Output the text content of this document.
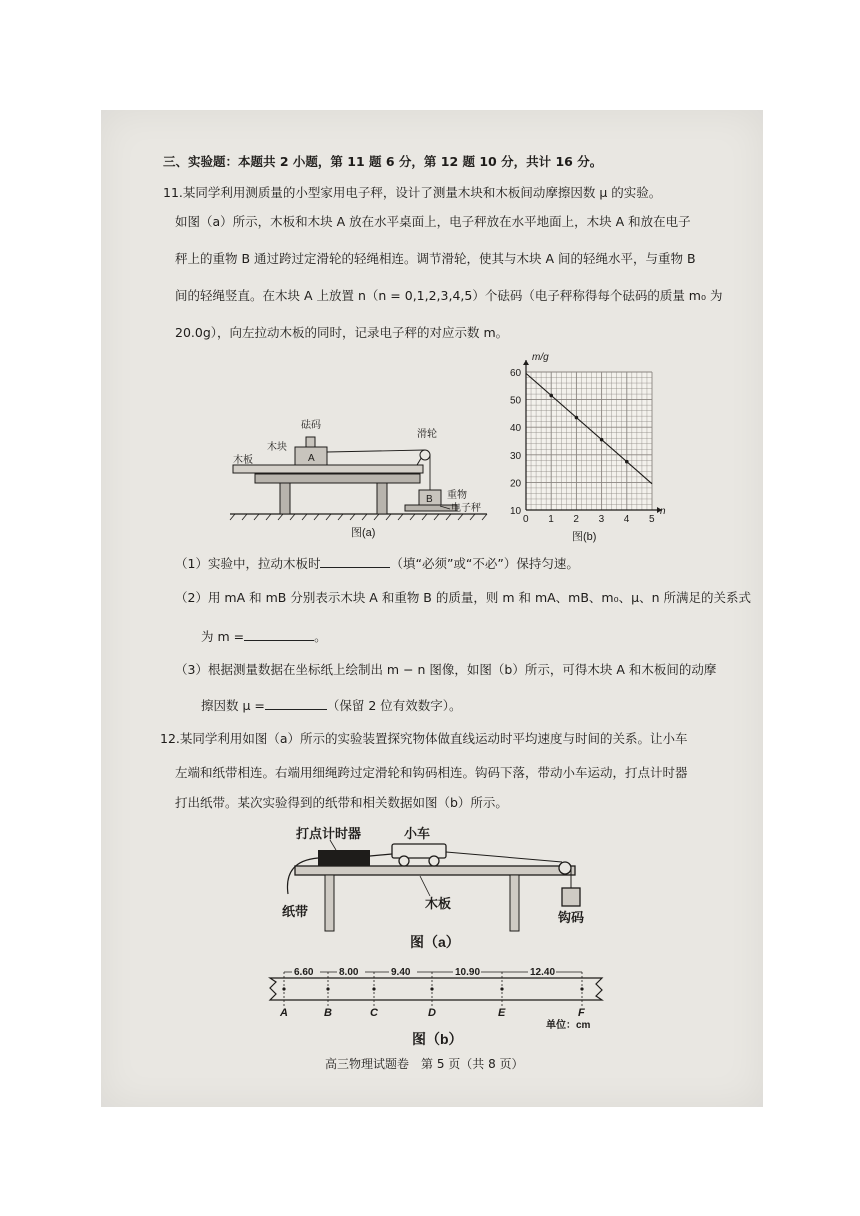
三、实验题：本题共 2 小题，第 11 题 6 分，第 12 题 10 分，共计 16 分。
11.某同学利用测质量的小型家用电子秤，设计了测量木块和木板间动摩擦因数 μ 的实验。
如图（a）所示，木板和木块 A 放在水平桌面上，电子秤放在水平地面上，木块 A 和放在电子
秤上的重物 B 通过跨过定滑轮的轻绳相连。调节滑轮，使其与木块 A 间的轻绳水平，与重物 B
间的轻绳竖直。在木块 A 上放置 n（n = 0,1,2,3,4,5）个砝码（电子秤称得每个砝码的质量 m₀ 为
20.0g），向左拉动木板的同时，记录电子秤的对应示数 m。
A
B
砝码
木块
木板
滑轮
重物
电子秤
图(a)
0 1 2 3 4 5
10
20
30
40
50
60
m/g
n
图(b)
（1）实验中，拉动木板时	（填“必须”或“不必”）保持匀速。
（2）用 mA 和 mB 分别表示木块 A 和重物 B 的质量，则 m 和 mA、mB、m₀、μ、n 所满足的关系式
为 m =	。
（3）根据测量数据在坐标纸上绘制出 m − n 图像，如图（b）所示，可得木块 A 和木板间的动摩
擦因数 μ =	（保留 2 位有效数字）。
12.某同学利用如图（a）所示的实验装置探究物体做直线运动时平均速度与时间的关系。让小车
左端和纸带相连。右端用细绳跨过定滑轮和钩码相连。钩码下落，带动小车运动，打点计时器
打出纸带。某次实验得到的纸带和相关数据如图（b）所示。
打点计时器	小车
纸带
木板
钩码
图（a）
A	B	C	D	E	F
6.60	8.00	9.40	10.90	12.40
单位：cm
图（b）
高三物理试题卷　第 5 页（共 8 页）
